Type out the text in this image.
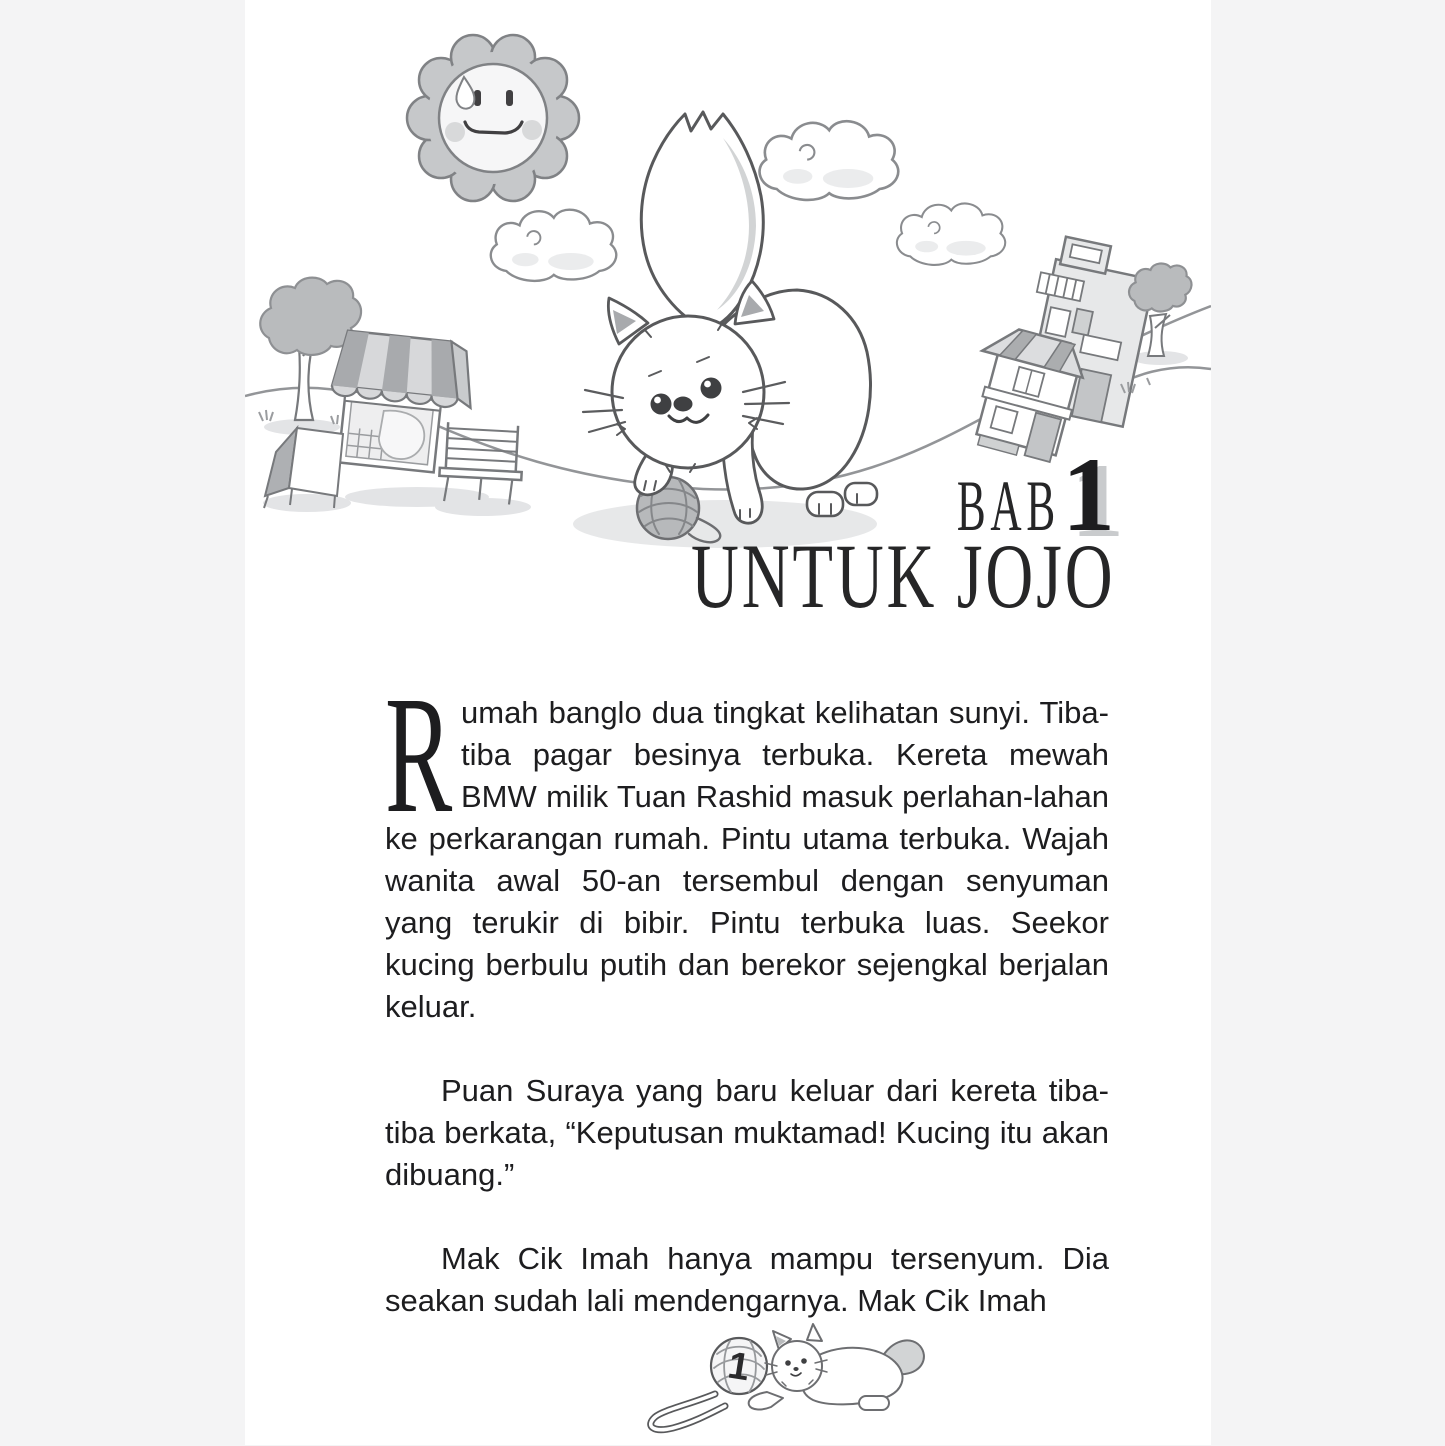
BAB 1
UNTUK JOJO

Rumah banglo dua tingkat kelihatan sunyi. Tiba-tiba pagar besinya terbuka. Kereta mewah BMW milik Tuan Rashid masuk perlahan-lahan ke perkarangan rumah. Pintu utama terbuka. Wajah wanita awal 50-an tersembul dengan senyuman yang terukir di bibir. Pintu terbuka luas. Seekor kucing berbulu putih dan berekor sejengkal berjalan keluar.

Puan Suraya yang baru keluar dari kereta tiba-tiba berkata, “Keputusan muktamad! Kucing itu akan dibuang.”

Mak Cik Imah hanya mampu tersenyum. Dia seakan sudah lali mendengarnya. Mak Cik Imah

1
